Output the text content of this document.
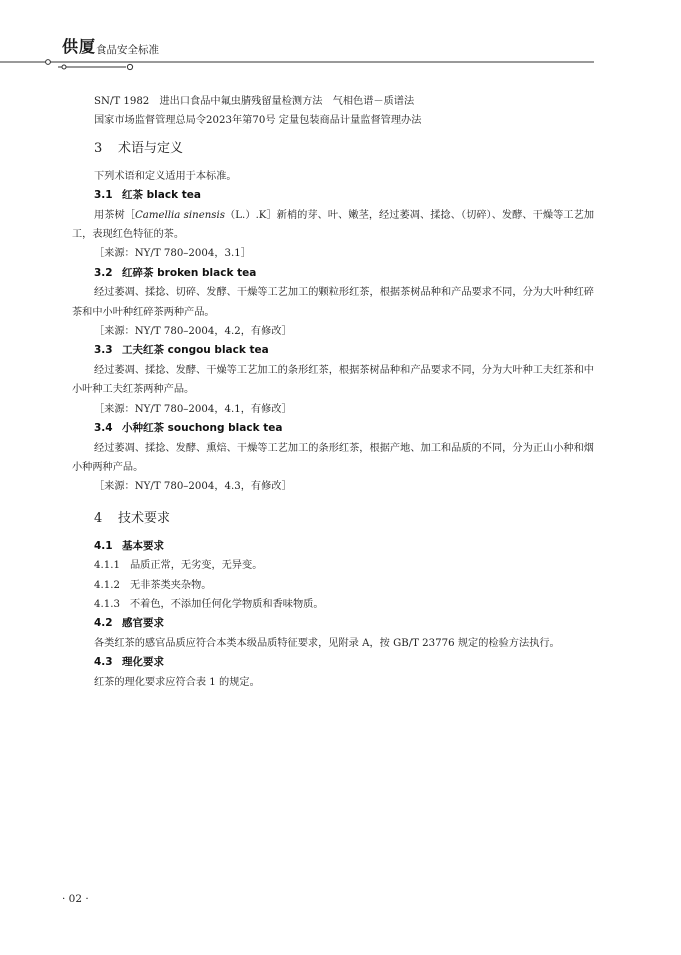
供厦 食品安全标准
SN/T 1982　进出口食品中氟虫腈残留量检测方法　气相色谱－质谱法
国家市场监督管理总局令2023年第70号 定量包装商品计量监督管理办法
3 术语与定义
下列术语和定义适用于本标准。
3.1 红茶 black tea
用茶树［Camellia sinensis（L.）.K］新梢的芽、叶、嫩茎，经过萎凋、揉捻、（切碎）、发酵、干燥等工艺加工，表现红色特征的茶。
［来源：NY/T 780–2004，3.1］
3.2 红碎茶 broken black tea
经过萎凋、揉捻、切碎、发酵、干燥等工艺加工的颗粒形红茶，根据茶树品种和产品要求不同，分为大叶种红碎茶和中小叶种红碎茶两种产品。
［来源：NY/T 780–2004，4.2，有修改］
3.3 工夫红茶 congou black tea
经过萎凋、揉捻、发酵、干燥等工艺加工的条形红茶，根据茶树品种和产品要求不同，分为大叶种工夫红茶和中小叶种工夫红茶两种产品。
［来源：NY/T 780–2004，4.1，有修改］
3.4 小种红茶 souchong black tea
经过萎凋、揉捻、发酵、熏焙、干燥等工艺加工的条形红茶，根据产地、加工和品质的不同，分为正山小种和烟小种两种产品。
［来源：NY/T 780–2004，4.3，有修改］
4 技术要求
4.1 基本要求
4.1.1 品质正常，无劣变，无异变。
4.1.2 无非茶类夹杂物。
4.1.3 不着色，不添加任何化学物质和香味物质。
4.2 感官要求
各类红茶的感官品质应符合本类本级品质特征要求，见附录 A，按 GB/T 23776 规定的检验方法执行。
4.3 理化要求
红茶的理化要求应符合表 1 的规定。
· 02 ·
